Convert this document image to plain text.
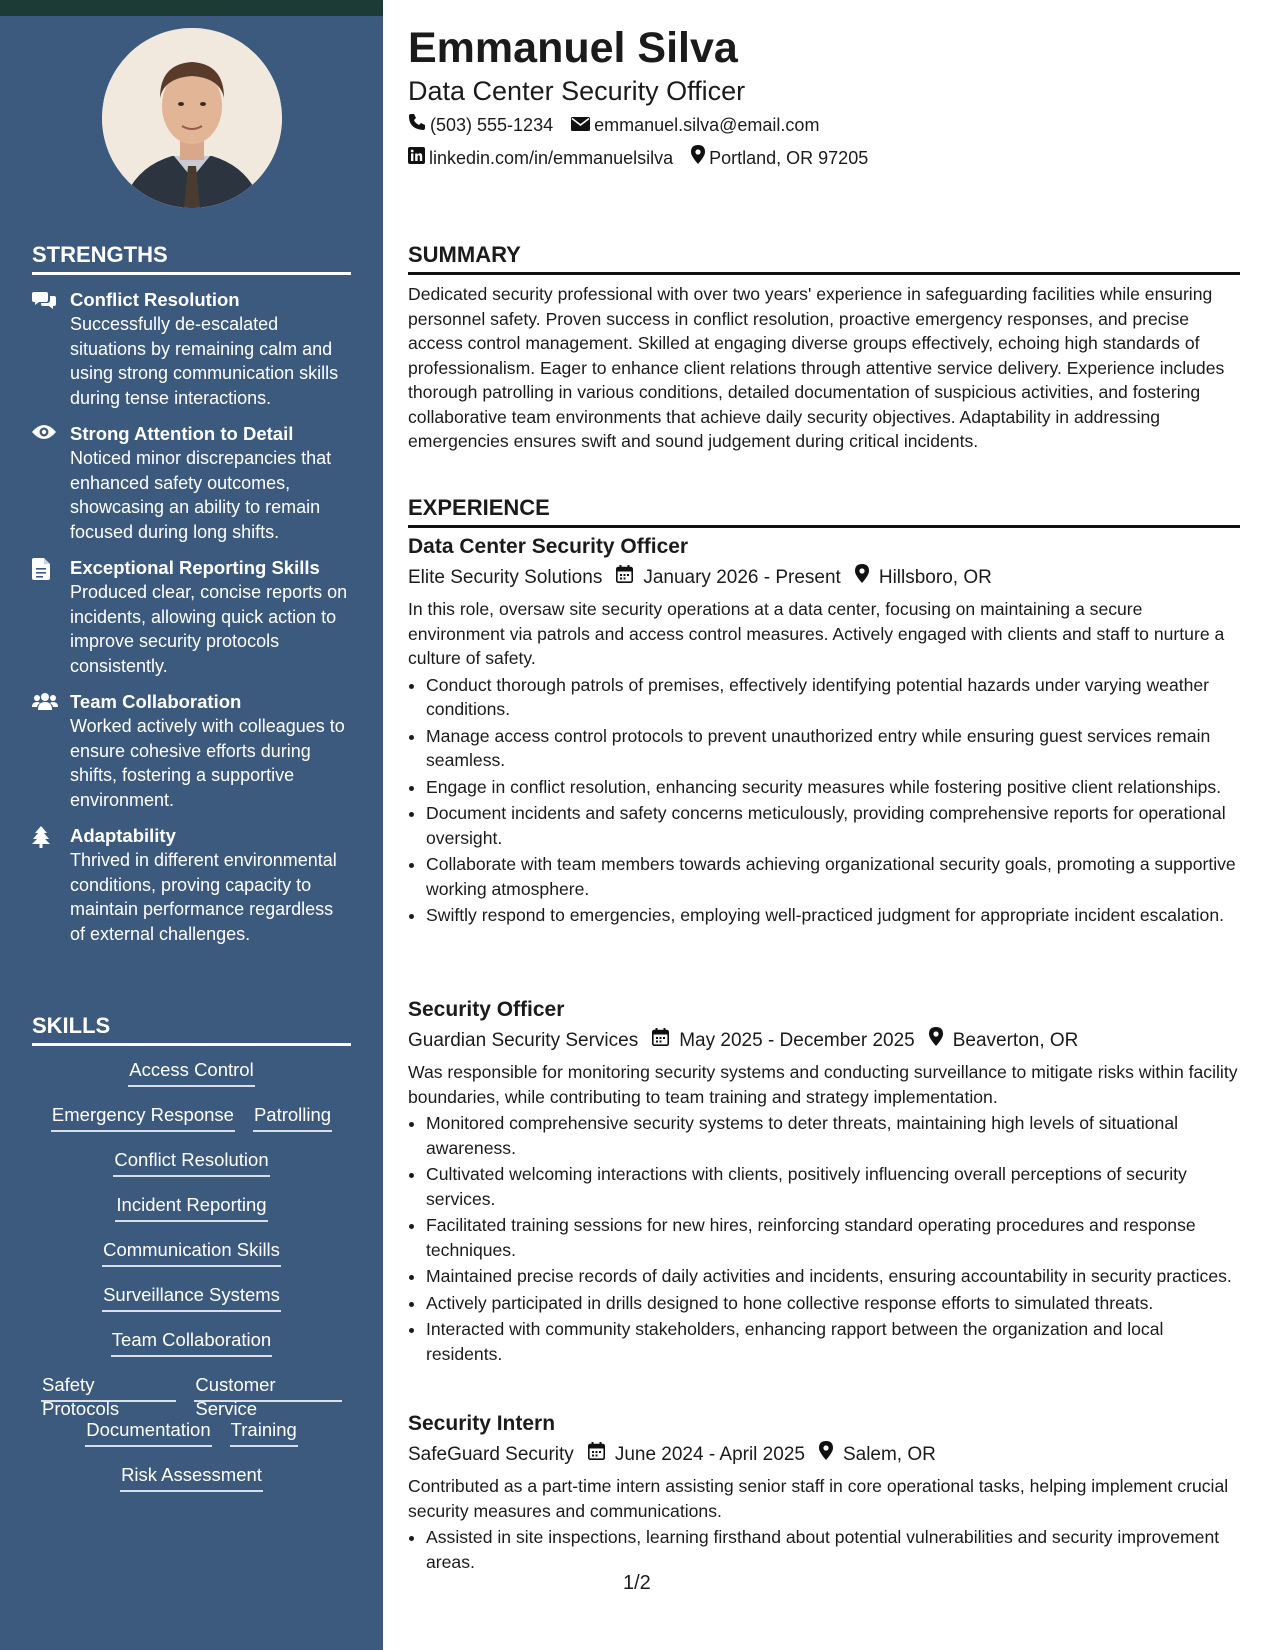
STRENGTHS
Conflict Resolution
Successfully de-escalated situations by remaining calm and using strong communication skills during tense interactions.
Strong Attention to Detail
Noticed minor discrepancies that enhanced safety outcomes, showcasing an ability to remain focused during long shifts.
Exceptional Reporting Skills
Produced clear, concise reports on incidents, allowing quick action to improve security protocols consistently.
Team Collaboration
Worked actively with colleagues to ensure cohesive efforts during shifts, fostering a supportive environment.
Adaptability
Thrived in different environmental conditions, proving capacity to maintain performance regardless of external challenges.
SKILLS
Access Control
Emergency Response Patrolling
Conflict Resolution
Incident Reporting
Communication Skills
Surveillance Systems
Team Collaboration
Safety Protocols
Customer Service
Documentation Training
Risk Assessment
Emmanuel Silva
Data Center Security Officer
(503) 555-1234 emmanuel.silva@email.com
linkedin.com/in/emmanuelsilva Portland, OR 97205
SUMMARY
Dedicated security professional with over two years' experience in safeguarding facilities while ensuring personnel safety. Proven success in conflict resolution, proactive emergency responses, and precise access control management. Skilled at engaging diverse groups effectively, echoing high standards of professionalism. Eager to enhance client relations through attentive service delivery. Experience includes thorough patrolling in various conditions, detailed documentation of suspicious activities, and fostering collaborative team environments that achieve daily security objectives. Adaptability in addressing emergencies ensures swift and sound judgement during critical incidents.
EXPERIENCE
Data Center Security Officer
Elite Security Solutions January 2026 - Present Hillsboro, OR
In this role, oversaw site security operations at a data center, focusing on maintaining a secure environment via patrols and access control measures. Actively engaged with clients and staff to nurture a culture of safety.
• Conduct thorough patrols of premises, effectively identifying potential hazards under varying weather conditions.
• Manage access control protocols to prevent unauthorized entry while ensuring guest services remain seamless.
• Engage in conflict resolution, enhancing security measures while fostering positive client relationships.
• Document incidents and safety concerns meticulously, providing comprehensive reports for operational oversight.
• Collaborate with team members towards achieving organizational security goals, promoting a supportive working atmosphere.
• Swiftly respond to emergencies, employing well-practiced judgment for appropriate incident escalation.
Security Officer
Guardian Security Services May 2025 - December 2025 Beaverton, OR
Was responsible for monitoring security systems and conducting surveillance to mitigate risks within facility boundaries, while contributing to team training and strategy implementation.
• Monitored comprehensive security systems to deter threats, maintaining high levels of situational awareness.
• Cultivated welcoming interactions with clients, positively influencing overall perceptions of security services.
• Facilitated training sessions for new hires, reinforcing standard operating procedures and response techniques.
• Maintained precise records of daily activities and incidents, ensuring accountability in security practices.
• Actively participated in drills designed to hone collective response efforts to simulated threats.
• Interacted with community stakeholders, enhancing rapport between the organization and local residents.
Security Intern
SafeGuard Security June 2024 - April 2025 Salem, OR
Contributed as a part-time intern assisting senior staff in core operational tasks, helping implement crucial security measures and communications.
• Assisted in site inspections, learning firsthand about potential vulnerabilities and security improvement areas.
1/2
